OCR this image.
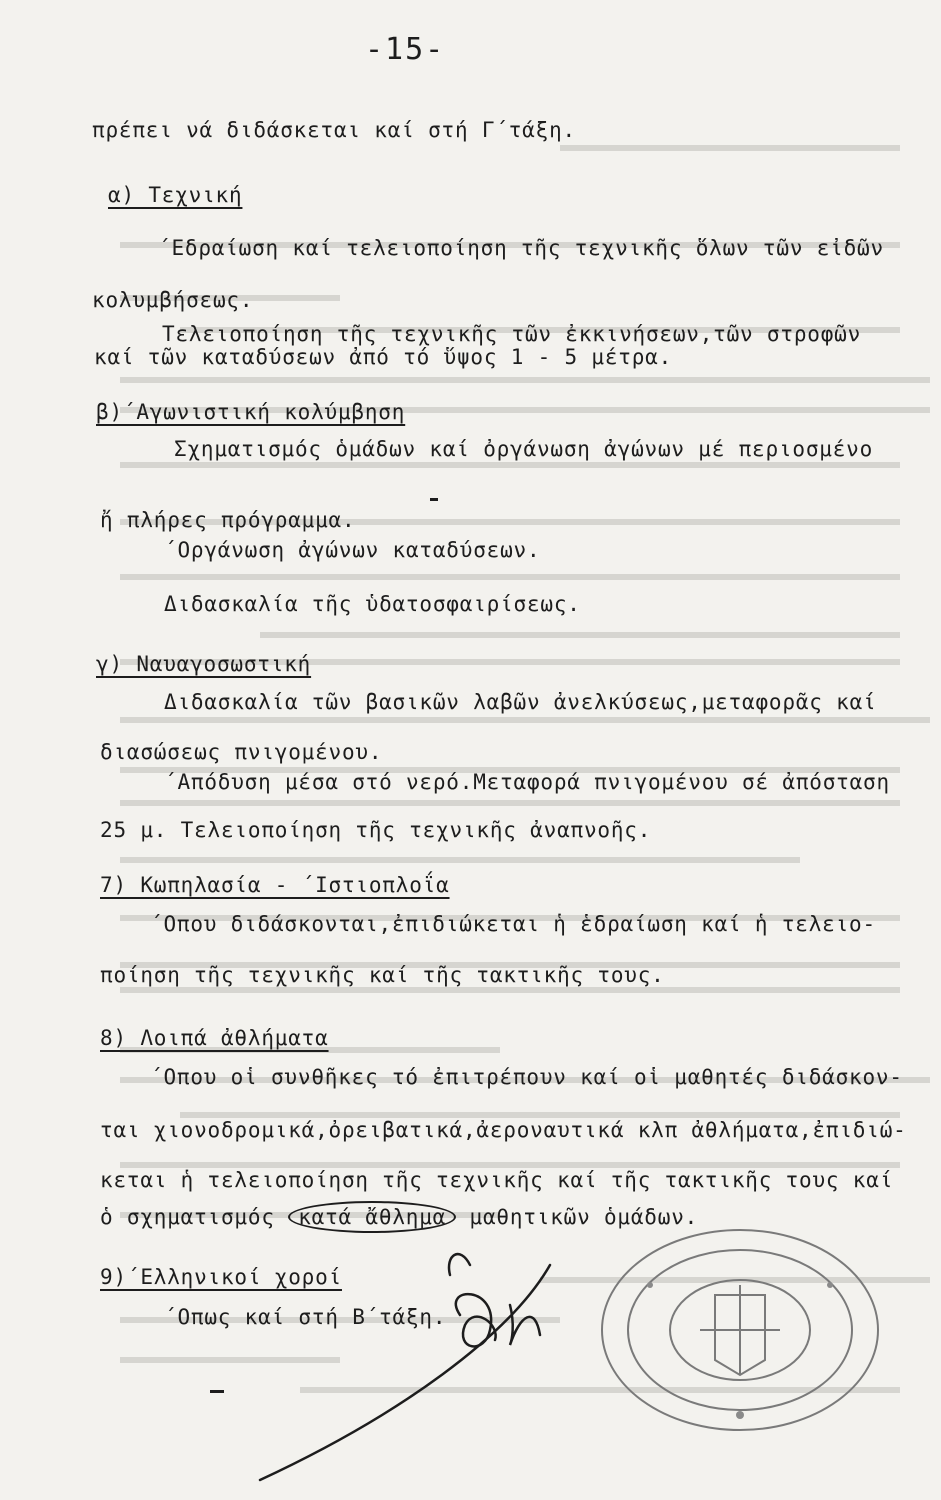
-15-
πρέπει νά διδάσκεται καί στή Γ΄τάξη.
α) Τεχνική
΄Εδραίωση καί τελειοποίηση τῆς τεχνικῆς ὅλων τῶν εἰδῶν
κολυμβήσεως.
Τελειοποίηση τῆς τεχνικῆς τῶν ἐκκινήσεων,τῶν στροφῶν
καί τῶν καταδύσεων ἀπό τό ὕψος 1 - 5 μέτρα.
β)΄Αγωνιστική κολύμβηση
Σχηματισμός ὁμάδων καί ὀργάνωση ἀγώνων μέ περιοσμένο
ἤ πλήρες πρόγραμμα.
΄Οργάνωση ἀγώνων καταδύσεων.
Διδασκαλία τῆς ὑδατοσφαιρίσεως.
γ) Ναυαγοσωστική
Διδασκαλία τῶν βασικῶν λαβῶν ἀνελκύσεως,μεταφορᾶς καί
διασώσεως πνιγομένου.
΄Απόδυση μέσα στό νερό.Μεταφορά πνιγομένου σέ ἀπόσταση
25 μ. Τελειοποίηση τῆς τεχνικῆς ἀναπνοῆς.
7) Κωπηλασία - ΄Ιστιοπλοΐα
΄Οπου διδάσκονται,ἐπιδιώκεται ἡ ἑδραίωση καί ἡ τελειο-
ποίηση τῆς τεχνικῆς καί τῆς τακτικῆς τους.
8) Λοιπά ἀθλήματα
΄Οπου οἱ συνθῆκες τό ἐπιτρέπουν καί οἱ μαθητές διδάσκον-
ται χιονοδρομικά,ὀρειβατικά,ἀεροναυτικά κλπ ἀθλήματα,ἐπιδιώ-
κεται ἡ τελειοποίηση τῆς τεχνικῆς καί τῆς τακτικῆς τους καί
ὁ σχηματισμός κατά ἄθλημα μαθητικῶν ὁμάδων.
9)΄Ελληνικοί χοροί
΄Οπως καί στή Β΄τάξη.
